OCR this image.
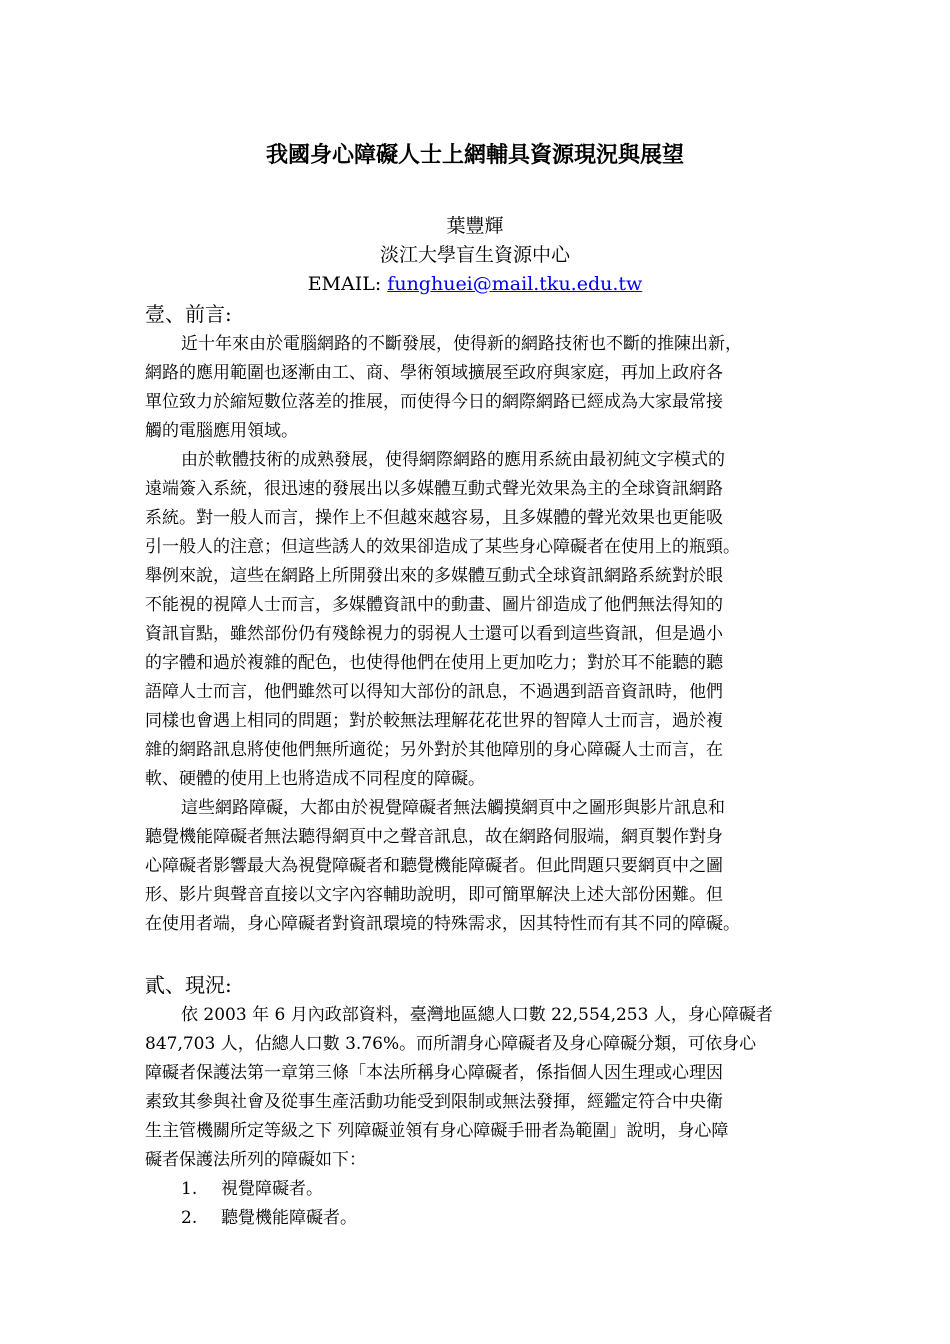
我國身心障礙人士上網輔具資源現況與展望
葉豐輝
淡江大學盲生資源中心
EMAIL: funghuei@mail.tku.edu.tw
壹、前言:
近十年來由於電腦網路的不斷發展，使得新的網路技術也不斷的推陳出新，
網路的應用範圍也逐漸由工、商、學術領域擴展至政府與家庭，再加上政府各
單位致力於縮短數位落差的推展，而使得今日的網際網路已經成為大家最常接
觸的電腦應用領域。
由於軟體技術的成熟發展，使得網際網路的應用系統由最初純文字模式的
遠端簽入系統，很迅速的發展出以多媒體互動式聲光效果為主的全球資訊網路
系統。對一般人而言，操作上不但越來越容易，且多媒體的聲光效果也更能吸
引一般人的注意；但這些誘人的效果卻造成了某些身心障礙者在使用上的瓶頸。
舉例來說，這些在網路上所開發出來的多媒體互動式全球資訊網路系統對於眼
不能視的視障人士而言，多媒體資訊中的動畫、圖片卻造成了他們無法得知的
資訊盲點，雖然部份仍有殘餘視力的弱視人士還可以看到這些資訊，但是過小
的字體和過於複雜的配色，也使得他們在使用上更加吃力；對於耳不能聽的聽
語障人士而言，他們雖然可以得知大部份的訊息，不過遇到語音資訊時，他們
同樣也會遇上相同的問題；對於較無法理解花花世界的智障人士而言，過於複
雜的網路訊息將使他們無所適從；另外對於其他障別的身心障礙人士而言，在
軟、硬體的使用上也將造成不同程度的障礙。
這些網路障礙，大都由於視覺障礙者無法觸摸網頁中之圖形與影片訊息和
聽覺機能障礙者無法聽得網頁中之聲音訊息，故在網路伺服端，網頁製作對身
心障礙者影響最大為視覺障礙者和聽覺機能障礙者。但此問題只要網頁中之圖
形、影片與聲音直接以文字內容輔助說明，即可簡單解決上述大部份困難。但
在使用者端，身心障礙者對資訊環境的特殊需求，因其特性而有其不同的障礙。
貳、現況:
依 2003 年 6 月內政部資料，臺灣地區總人口數 22,554,253 人，身心障礙者
847,703 人，佔總人口數 3.76%。而所謂身心障礙者及身心障礙分類，可依身心
障礙者保護法第一章第三條「本法所稱身心障礙者，係指個人因生理或心理因
素致其參與社會及從事生產活動功能受到限制或無法發揮，經鑑定符合中央衛
生主管機關所定等級之下 列障礙並領有身心障礙手冊者為範圍」說明，身心障
礙者保護法所列的障礙如下：
1.	視覺障礙者。
2.	聽覺機能障礙者。
